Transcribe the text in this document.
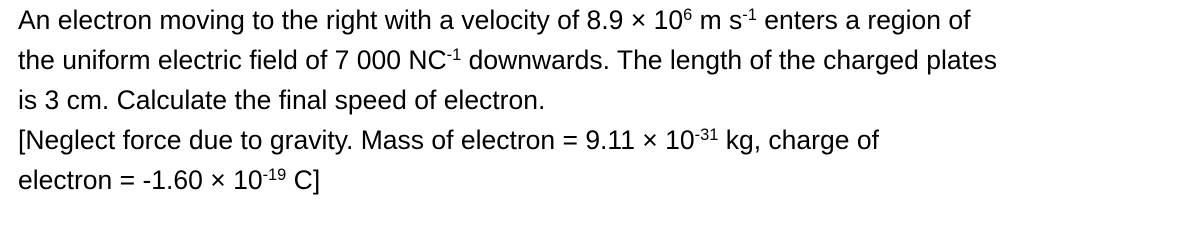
An electron moving to the right with a velocity of $8.9 \times 10^6$ m $s^{-1}$ enters a region of
the uniform electric field of 7 000 $NC^{-1}$ downwards. The length of the charged plates
is 3 cm. Calculate the final speed of electron.
[Neglect force due to gravity. Mass of electron = $9.11 \times 10^{-31}$ kg, charge of
electron = $-1.60 \times 10^{-19}$ C]
